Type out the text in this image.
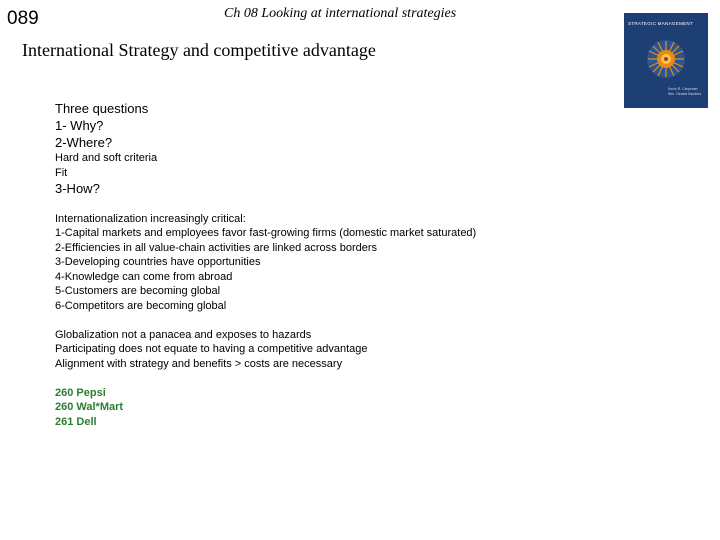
089	Ch 08 Looking at international strategies
International Strategy and competitive advantage
STRATEGIC MANAGEMENT
Kevin R. Carpenter
Wm. Gerard Sanders
Three questions
1- Why?
2-Where?
Hard and soft criteria
Fit
3-How?
Internationalization increasingly critical:
1-Capital markets and employees favor fast-growing firms (domestic market saturated)
2-Efficiencies in all value-chain activities are linked across borders
3-Developing countries have opportunities
4-Knowledge can come from abroad
5-Customers are becoming global
6-Competitors are becoming global
Globalization not a panacea and exposes to hazards
Participating does not equate to having a competitive advantage
Alignment with strategy and benefits > costs are necessary
260 Pepsi
260 Wal*Mart
261 Dell
